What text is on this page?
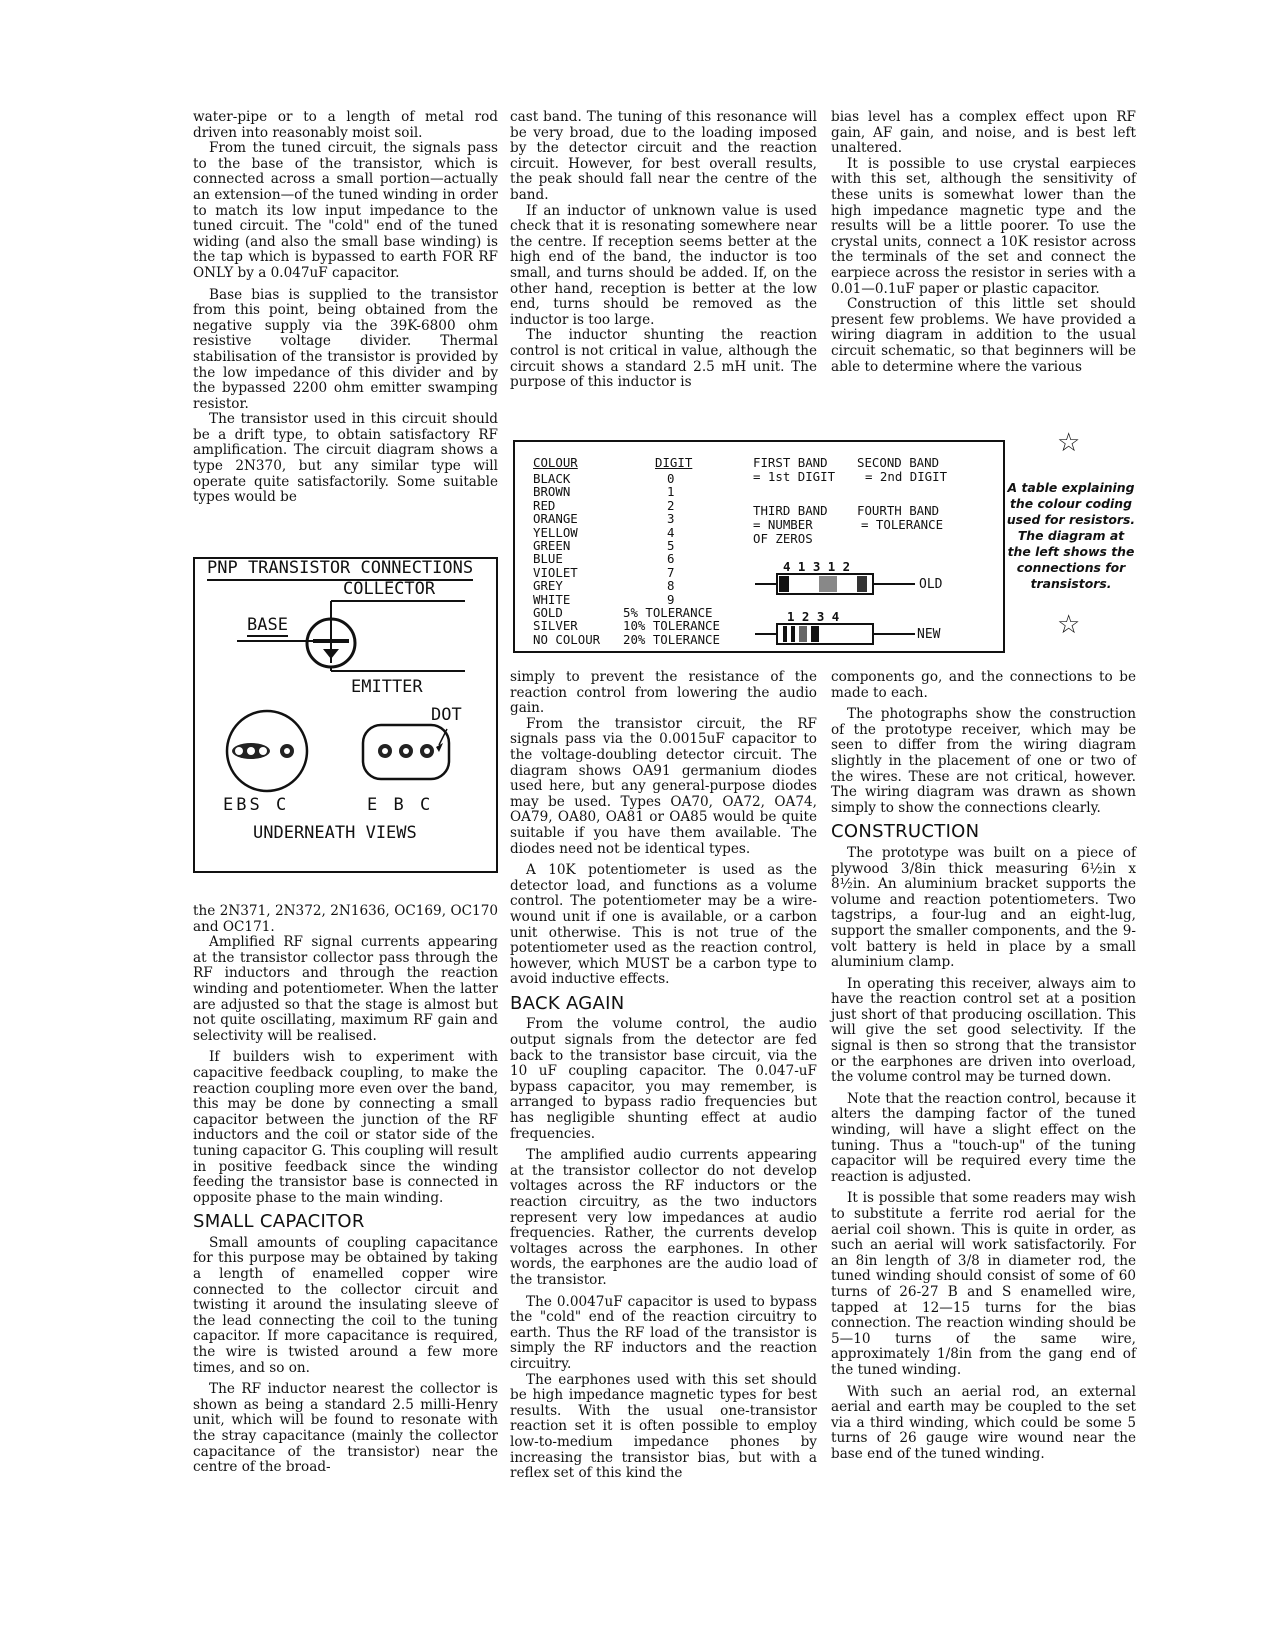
water-pipe or to a length of metal rod driven into reasonably moist soil.

From the tuned circuit, the signals pass to the base of the transistor, which is connected across a small portion—actually an extension—of the tuned winding in order to match its low input impedance to the tuned circuit. The "cold" end of the tuned widing (and also the small base winding) is the tap which is bypassed to earth FOR RF ONLY by a 0.047uF capacitor.

Base bias is supplied to the transistor from this point, being obtained from the negative supply via the 39K-6800 ohm resistive voltage divider. Thermal stabilisation of the transistor is provided by the low impedance of this divider and by the bypassed 2200 ohm emitter swamping resistor.

The transistor used in this circuit should be a drift type, to obtain satisfactory RF amplification. The circuit diagram shows a type 2N370, but any similar type will operate quite satisfactorily. Some suitable types would be

PNP TRANSISTOR CONNECTIONS
COLLECTOR
BASE
EMITTER
DOT
EBS C	E B C
UNDERNEATH VIEWS

the 2N371, 2N372, 2N1636, OC169, OC170 and OC171.

Amplified RF signal currents appearing at the transistor collector pass through the RF inductors and through the reaction winding and potentiometer. When the latter are adjusted so that the stage is almost but not quite oscillating, maximum RF gain and selectivity will be realised.

If builders wish to experiment with capacitive feedback coupling, to make the reaction coupling more even over the band, this may be done by connecting a small capacitor between the junction of the RF inductors and the coil or stator side of the tuning capacitor G. This coupling will result in positive feedback since the winding feeding the transistor base is connected in opposite phase to the main winding.

SMALL CAPACITOR

Small amounts of coupling capacitance for this purpose may be obtained by taking a length of enamelled copper wire connected to the collector circuit and twisting it around the insulating sleeve of the lead connecting the coil to the tuning capacitor. If more capacitance is required, the wire is twisted around a few more times, and so on.

The RF inductor nearest the collector is shown as being a standard 2.5 milli-Henry unit, which will be found to resonate with the stray capacitance (mainly the collector capacitance of the transistor) near the centre of the broad-

cast band. The tuning of this resonance will be very broad, due to the loading imposed by the detector circuit and the reaction circuit. However, for best overall results, the peak should fall near the centre of the band.

If an inductor of unknown value is used check that it is resonating somewhere near the centre. If reception seems better at the high end of the band, the inductor is too small, and turns should be added. If, on the other hand, reception is better at the low end, turns should be removed as the inductor is too large.

The inductor shunting the reaction control is not critical in value, although the circuit shows a standard 2.5 mH unit. The purpose of this inductor is

COLOUR	DIGIT
BLACK	0
BROWN	1
RED	2
ORANGE	3
YELLOW	4
GREEN	5
BLUE	6
VIOLET	7
GREY	8
WHITE	9
GOLD	5% TOLERANCE
SILVER	10% TOLERANCE
NO COLOUR 20% TOLERANCE
FIRST BAND
= 1st DIGIT
SECOND BAND
= 2nd DIGIT
THIRD BAND
= NUMBER
OF ZEROS
FOURTH BAND
= TOLERANCE
4 1 3 1 2
OLD
1 2 3 4
NEW
☆
A table explaining the colour coding used for resistors. The diagram at the left shows the connections for transistors.
☆

simply to prevent the resistance of the reaction control from lowering the audio gain.

From the transistor circuit, the RF signals pass via the 0.0015uF capacitor to the voltage-doubling detector circuit. The diagram shows OA91 germanium diodes used here, but any general-purpose diodes may be used. Types OA70, OA72, OA74, OA79, OA80, OA81 or OA85 would be quite suitable if you have them available. The diodes need not be identical types.

A 10K potentiometer is used as the detector load, and functions as a volume control. The potentiometer may be a wire-wound unit if one is available, or a carbon unit otherwise. This is not true of the potentiometer used as the reaction control, however, which MUST be a carbon type to avoid inductive effects.

BACK AGAIN

From the volume control, the audio output signals from the detector are fed back to the transistor base circuit, via the 10 uF coupling capacitor. The 0.047-uF bypass capacitor, you may remember, is arranged to bypass radio frequencies but has negligible shunting effect at audio frequencies.

The amplified audio currents appearing at the transistor collector do not develop voltages across the RF inductors or the reaction circuitry, as the two inductors represent very low impedances at audio frequencies. Rather, the currents develop voltages across the earphones. In other words, the earphones are the audio load of the transistor.

The 0.0047uF capacitor is used to bypass the "cold" end of the reaction circuitry to earth. Thus the RF load of the transistor is simply the RF inductors and the reaction circuitry.

The earphones used with this set should be high impedance magnetic types for best results. With the usual one-transistor reaction set it is often possible to employ low-to-medium impedance phones by increasing the transistor bias, but with a reflex set of this kind the

bias level has a complex effect upon RF gain, AF gain, and noise, and is best left unaltered.

It is possible to use crystal earpieces with this set, although the sensitivity of these units is somewhat lower than the high impedance magnetic type and the results will be a little poorer. To use the crystal units, connect a 10K resistor across the terminals of the set and connect the earpiece across the resistor in series with a 0.01—0.1uF paper or plastic capacitor.

Construction of this little set should present few problems. We have provided a wiring diagram in addition to the usual circuit schematic, so that beginners will be able to determine where the various

components go, and the connections to be made to each.

The photographs show the construction of the prototype receiver, which may be seen to differ from the wiring diagram slightly in the placement of one or two of the wires. These are not critical, however. The wiring diagram was drawn as shown simply to show the connections clearly.

CONSTRUCTION

The prototype was built on a piece of plywood 3/8in thick measuring 6½in x 8½in. An aluminium bracket supports the volume and reaction potentiometers. Two tagstrips, a four-lug and an eight-lug, support the smaller components, and the 9-volt battery is held in place by a small aluminium clamp.

In operating this receiver, always aim to have the reaction control set at a position just short of that producing oscillation. This will give the set good selectivity. If the signal is then so strong that the transistor or the earphones are driven into overload, the volume control may be turned down.

Note that the reaction control, because it alters the damping factor of the tuned winding, will have a slight effect on the tuning. Thus a "touch-up" of the tuning capacitor will be required every time the reaction is adjusted.

It is possible that some readers may wish to substitute a ferrite rod aerial for the aerial coil shown. This is quite in order, as such an aerial will work satisfactorily. For an 8in length of 3/8 in diameter rod, the tuned winding should consist of some of 60 turns of 26-27 B and S enamelled wire, tapped at 12—15 turns for the bias connection. The reaction winding should be 5—10 turns of the same wire, approximately 1/8in from the gang end of the tuned winding.

With such an aerial rod, an external aerial and earth may be coupled to the set via a third winding, which could be some 5 turns of 26 gauge wire wound near the base end of the tuned winding.
